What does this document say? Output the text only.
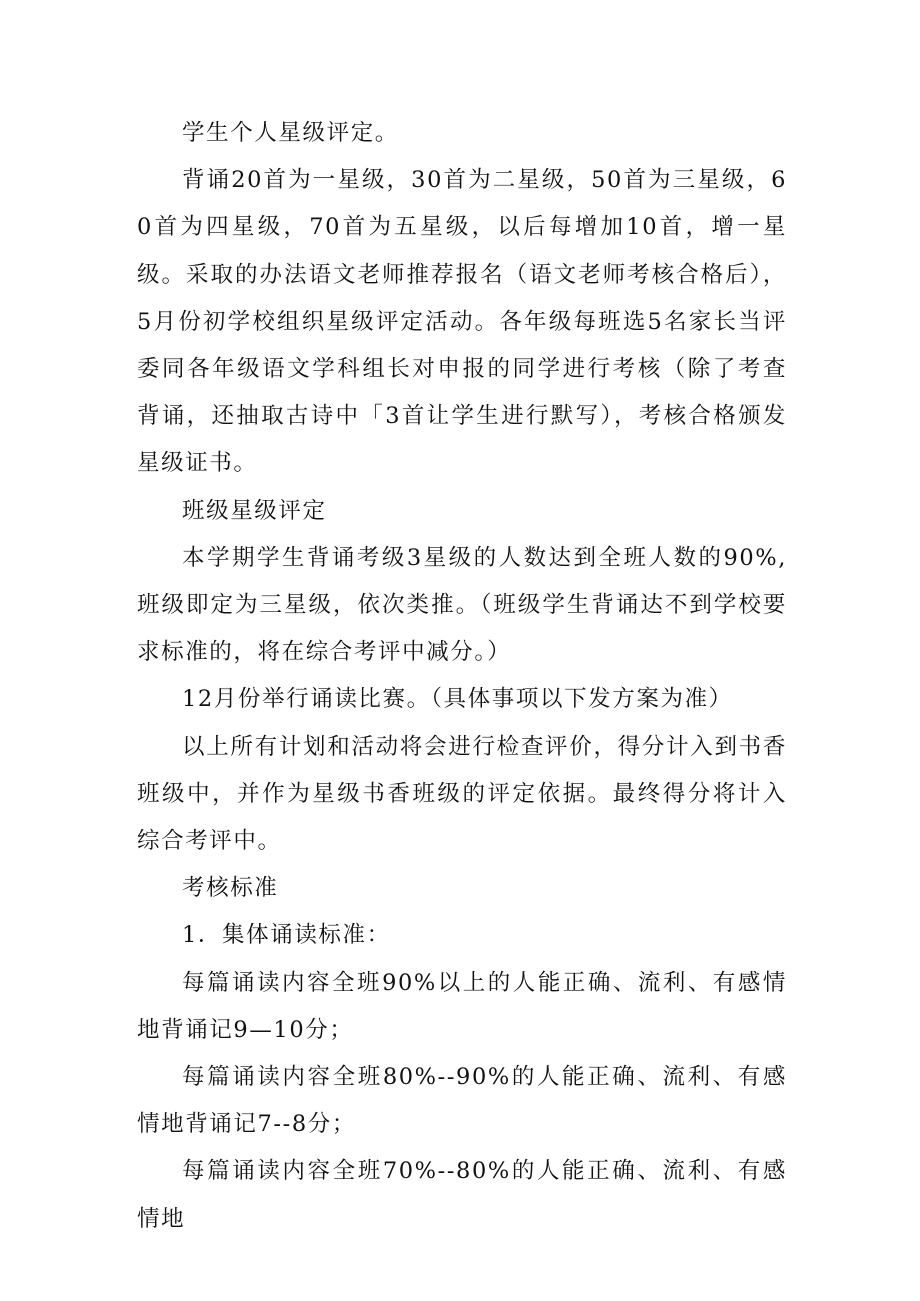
学生个人星级评定。

背诵20首为一星级，30首为二星级，50首为三星级，60首为四星级，70首为五星级，以后每增加10首，增一星级。采取的办法语文老师推荐报名（语文老师考核合格后），5月份初学校组织星级评定活动。各年级每班选5名家长当评委同各年级语文学科组长对申报的同学进行考核（除了考查背诵，还抽取古诗中「3首让学生进行默写），考核合格颁发星级证书。

班级星级评定

本学期学生背诵考级3星级的人数达到全班人数的90%,班级即定为三星级，依次类推。（班级学生背诵达不到学校要求标准的，将在综合考评中减分。）

12月份举行诵读比赛。（具体事项以下发方案为准）

以上所有计划和活动将会进行检查评价，得分计入到书香班级中，并作为星级书香班级的评定依据。最终得分将计入综合考评中。

考核标准

1．集体诵读标准：

每篇诵读内容全班90%以上的人能正确、流利、有感情地背诵记9—10分；

每篇诵读内容全班80%--90%的人能正确、流利、有感情地背诵记7--8分；

每篇诵读内容全班70%--80%的人能正确、流利、有感情地
